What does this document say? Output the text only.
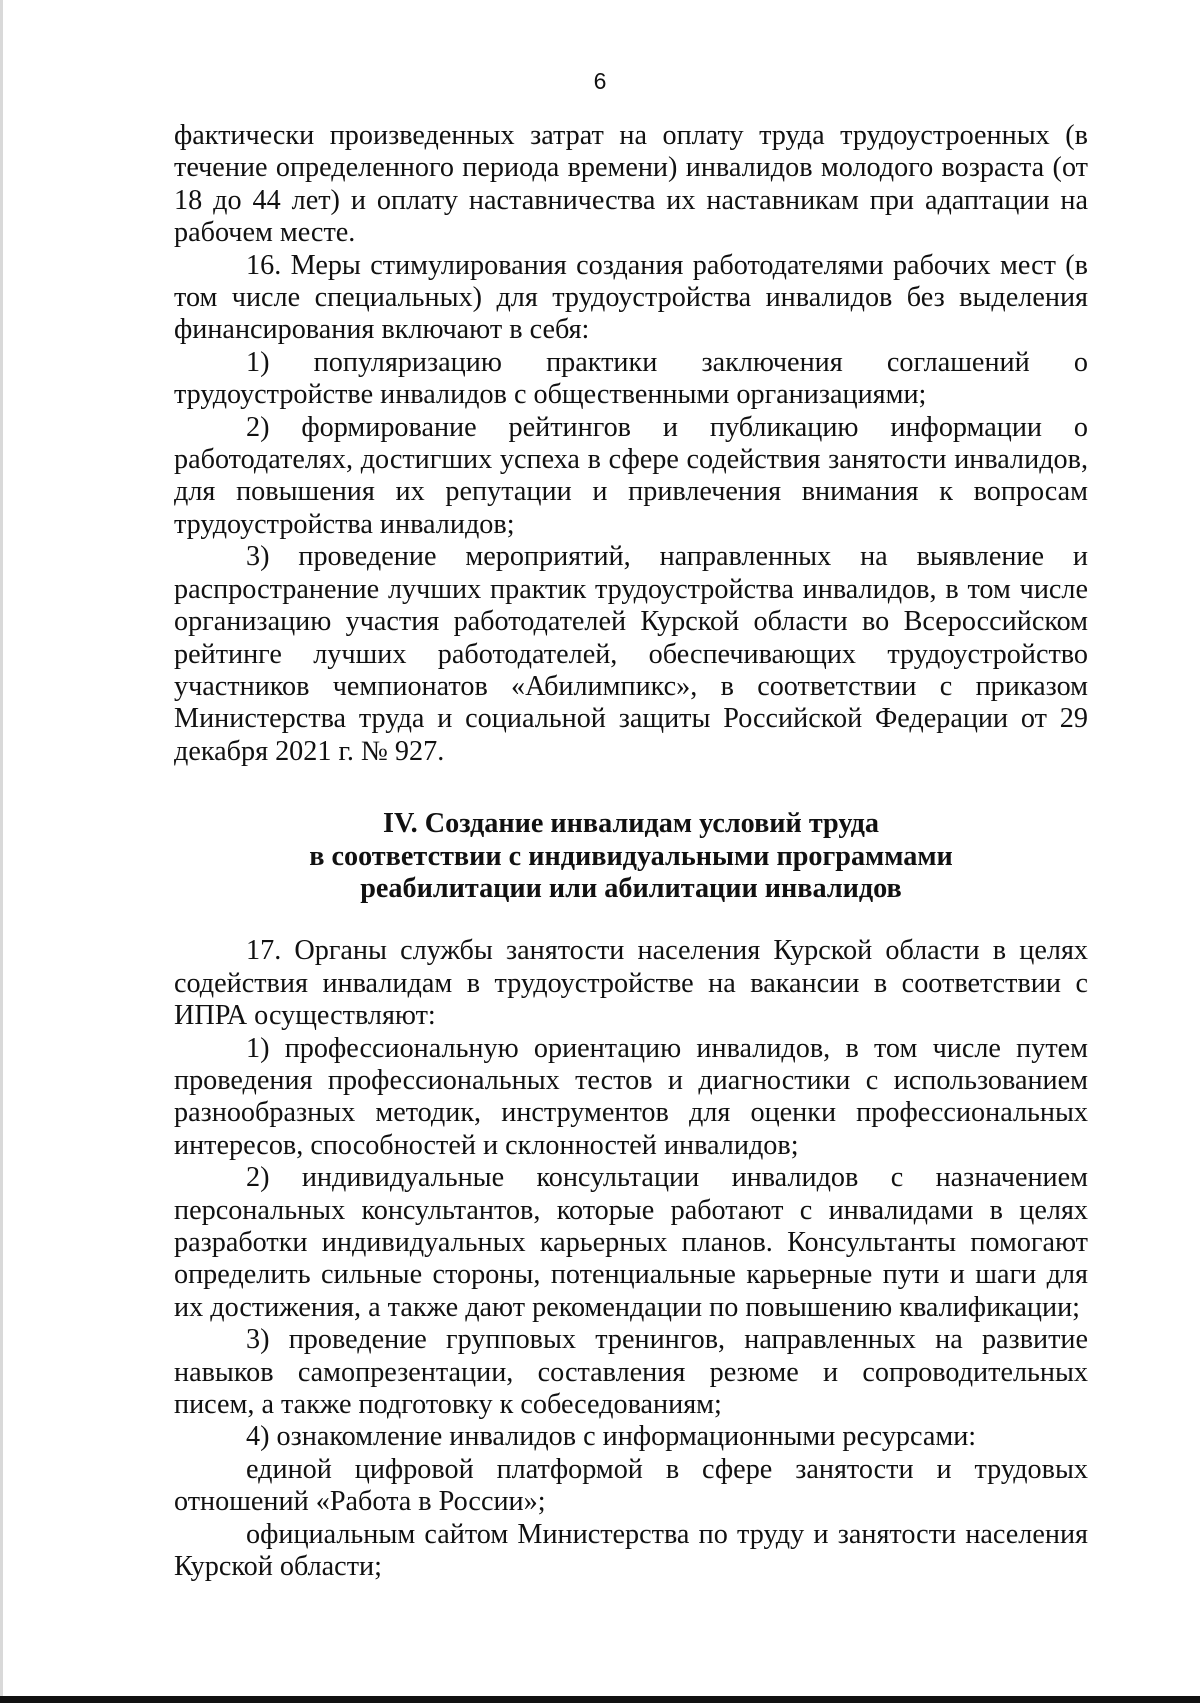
6

фактически произведенных затрат на оплату труда трудоустроенных (в течение определенного периода времени) инвалидов молодого возраста (от 18 до 44 лет) и оплату наставничества их наставникам при адаптации на рабочем месте.

16. Меры стимулирования создания работодателями рабочих мест (в том числе специальных) для трудоустройства инвалидов без выделения финансирования включают в себя:

1) популяризацию практики заключения соглашений о трудоустройстве инвалидов с общественными организациями;

2) формирование рейтингов и публикацию информации о работодателях, достигших успеха в сфере содействия занятости инвалидов, для повышения их репутации и привлечения внимания к вопросам трудоустройства инвалидов;

3) проведение мероприятий, направленных на выявление и распространение лучших практик трудоустройства инвалидов, в том числе организацию участия работодателей Курской области во Всероссийском рейтинге лучших работодателей, обеспечивающих трудоустройство участников чемпионатов «Абилимпикс», в соответствии с приказом Министерства труда и социальной защиты Российской Федерации от 29 декабря 2021 г. № 927.

IV. Создание инвалидам условий труда
в соответствии с индивидуальными программами
реабилитации или абилитации инвалидов

17. Органы службы занятости населения Курской области в целях содействия инвалидам в трудоустройстве на вакансии в соответствии с ИПРА осуществляют:

1) профессиональную ориентацию инвалидов, в том числе путем проведения профессиональных тестов и диагностики с использованием разнообразных методик, инструментов для оценки профессиональных интересов, способностей и склонностей инвалидов;

2) индивидуальные консультации инвалидов с назначением персональных консультантов, которые работают с инвалидами в целях разработки индивидуальных карьерных планов. Консультанты помогают определить сильные стороны, потенциальные карьерные пути и шаги для их достижения, а также дают рекомендации по повышению квалификации;

3) проведение групповых тренингов, направленных на развитие навыков самопрезентации, составления резюме и сопроводительных писем, а также подготовку к собеседованиям;

4) ознакомление инвалидов с информационными ресурсами:

единой цифровой платформой в сфере занятости и трудовых отношений «Работа в России»;

официальным сайтом Министерства по труду и занятости населения Курской области;
